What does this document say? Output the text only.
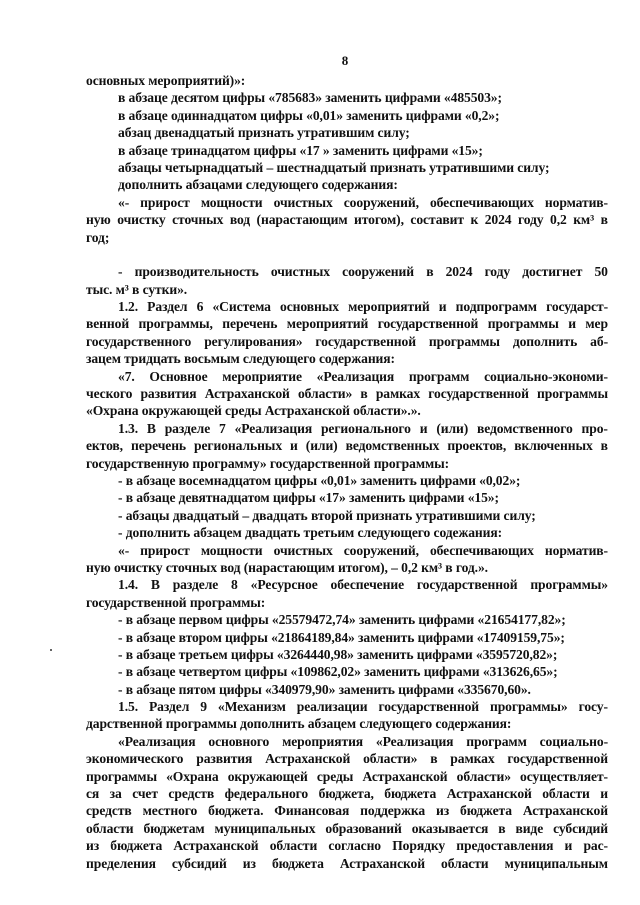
8
основных мероприятий)»:
в абзаце десятом цифры «785683» заменить цифрами «485503»;
в абзаце одиннадцатом цифры «0,01» заменить цифрами «0,2»;
абзац двенадцатый признать утратившим силу;
в абзаце тринадцатом цифры «17 » заменить цифрами «15»;
абзацы четырнадцатый – шестнадцатый признать утратившими силу;
дополнить абзацами следующего содержания:
«- прирост мощности очистных сооружений, обеспечивающих норматив-
ную очистку сточных вод (нарастающим итогом), составит к 2024 году 0,2 км³ в
год;
- производительность очистных сооружений в 2024 году достигнет 50
тыс. м³ в сутки».
1.2. Раздел 6 «Система основных мероприятий и подпрограмм государст-
венной программы, перечень мероприятий государственной программы и мер
государственного регулирования» государственной программы дополнить аб-
зацем тридцать восьмым следующего содержания:
«7. Основное мероприятие «Реализация программ социально-экономи-
ческого развития Астраханской области» в рамках государственной программы
«Охрана окружающей среды Астраханской области».».
1.3. В разделе 7 «Реализация регионального и (или) ведомственного про-
ектов, перечень региональных и (или) ведомственных проектов, включенных в
государственную программу» государственной программы:
- в абзаце восемнадцатом цифры «0,01» заменить цифрами «0,02»;
- в абзаце девятнадцатом цифры «17» заменить цифрами «15»;
- абзацы двадцатый – двадцать второй признать утратившими силу;
- дополнить абзацем двадцать третьим следующего содежания:
«- прирост мощности очистных сооружений, обеспечивающих норматив-
ную очистку сточных вод (нарастающим итогом), – 0,2 км³ в год.».
1.4. В разделе 8 «Ресурсное обеспечение государственной программы»
государственной программы:
- в абзаце первом цифры «25579472,74» заменить цифрами «21654177,82»;
- в абзаце втором цифры «21864189,84» заменить цифрами «17409159,75»;
- в абзаце третьем цифры «3264440,98» заменить цифрами «3595720,82»;
- в абзаце четвертом цифры «109862,02» заменить цифрами «313626,65»;
- в абзаце пятом цифры «340979,90» заменить цифрами «335670,60».
1.5. Раздел 9 «Механизм реализации государственной программы» госу-
дарственной программы дополнить абзацем следующего содержания:
«Реализация основного мероприятия «Реализация программ социально-
экономического развития Астраханской области» в рамках государственной
программы «Охрана окружающей среды Астраханской области» осуществляет-
ся за счет средств федерального бюджета, бюджета Астраханской области и
средств местного бюджета. Финансовая поддержка из бюджета Астраханской
области бюджетам муниципальных образований оказывается в виде субсидий
из бюджета Астраханской области согласно Порядку предоставления и рас-
пределения субсидий из бюджета Астраханской области муниципальным
